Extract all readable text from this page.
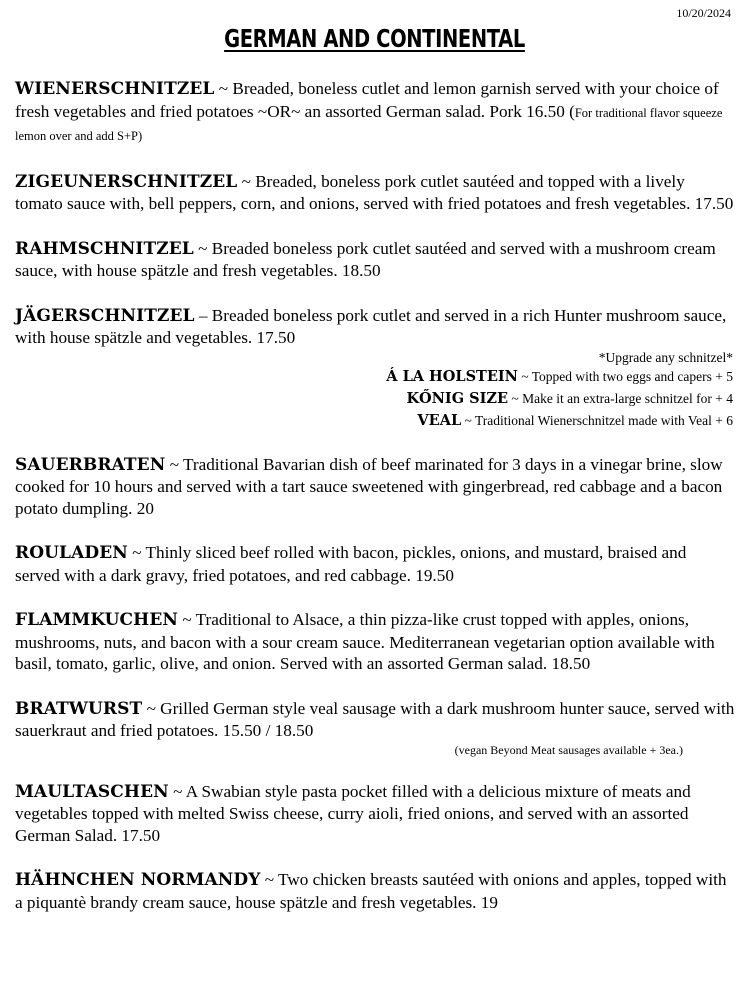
10/20/2024
GERMAN AND CONTINENTAL

WIENERSCHNITZEL ~ Breaded, boneless cutlet and lemon garnish served with your choice of fresh vegetables and fried potatoes ~OR~ an assorted German salad. Pork 16.50 (For traditional flavor squeeze lemon over and add S+P)

ZIGEUNERSCHNITZEL ~ Breaded, boneless pork cutlet sautéed and topped with a lively tomato sauce with, bell peppers, corn, and onions, served with fried potatoes and fresh vegetables. 17.50

RAHMSCHNITZEL ~ Breaded boneless pork cutlet sautéed and served with a mushroom cream sauce, with house spätzle and fresh vegetables. 18.50

JÄGERSCHNITZEL – Breaded boneless pork cutlet and served in a rich Hunter mushroom sauce, with house spätzle and vegetables. 17.50

*Upgrade any schnitzel*
Á LA HOLSTEIN ~ Topped with two eggs and capers + 5
KŐNIG SIZE ~ Make it an extra-large schnitzel for + 4
VEAL ~ Traditional Wienerschnitzel made with Veal + 6

SAUERBRATEN ~ Traditional Bavarian dish of beef marinated for 3 days in a vinegar brine, slow cooked for 10 hours and served with a tart sauce sweetened with gingerbread, red cabbage and a bacon potato dumpling. 20

ROULADEN ~ Thinly sliced beef rolled with bacon, pickles, onions, and mustard, braised and served with a dark gravy, fried potatoes, and red cabbage. 19.50

FLAMMKUCHEN ~ Traditional to Alsace, a thin pizza-like crust topped with apples, onions, mushrooms, nuts, and bacon with a sour cream sauce. Mediterranean vegetarian option available with basil, tomato, garlic, olive, and onion. Served with an assorted German salad. 18.50

BRATWURST ~ Grilled German style veal sausage with a dark mushroom hunter sauce, served with sauerkraut and fried potatoes. 15.50 / 18.50

(vegan Beyond Meat sausages available + 3ea.)

MAULTASCHEN ~ A Swabian style pasta pocket filled with a delicious mixture of meats and vegetables topped with melted Swiss cheese, curry aioli, fried onions, and served with an assorted German Salad. 17.50

HÄHNCHEN NORMANDY ~ Two chicken breasts sautéed with onions and apples, topped with a piquantè brandy cream sauce, house spätzle and fresh vegetables. 19
